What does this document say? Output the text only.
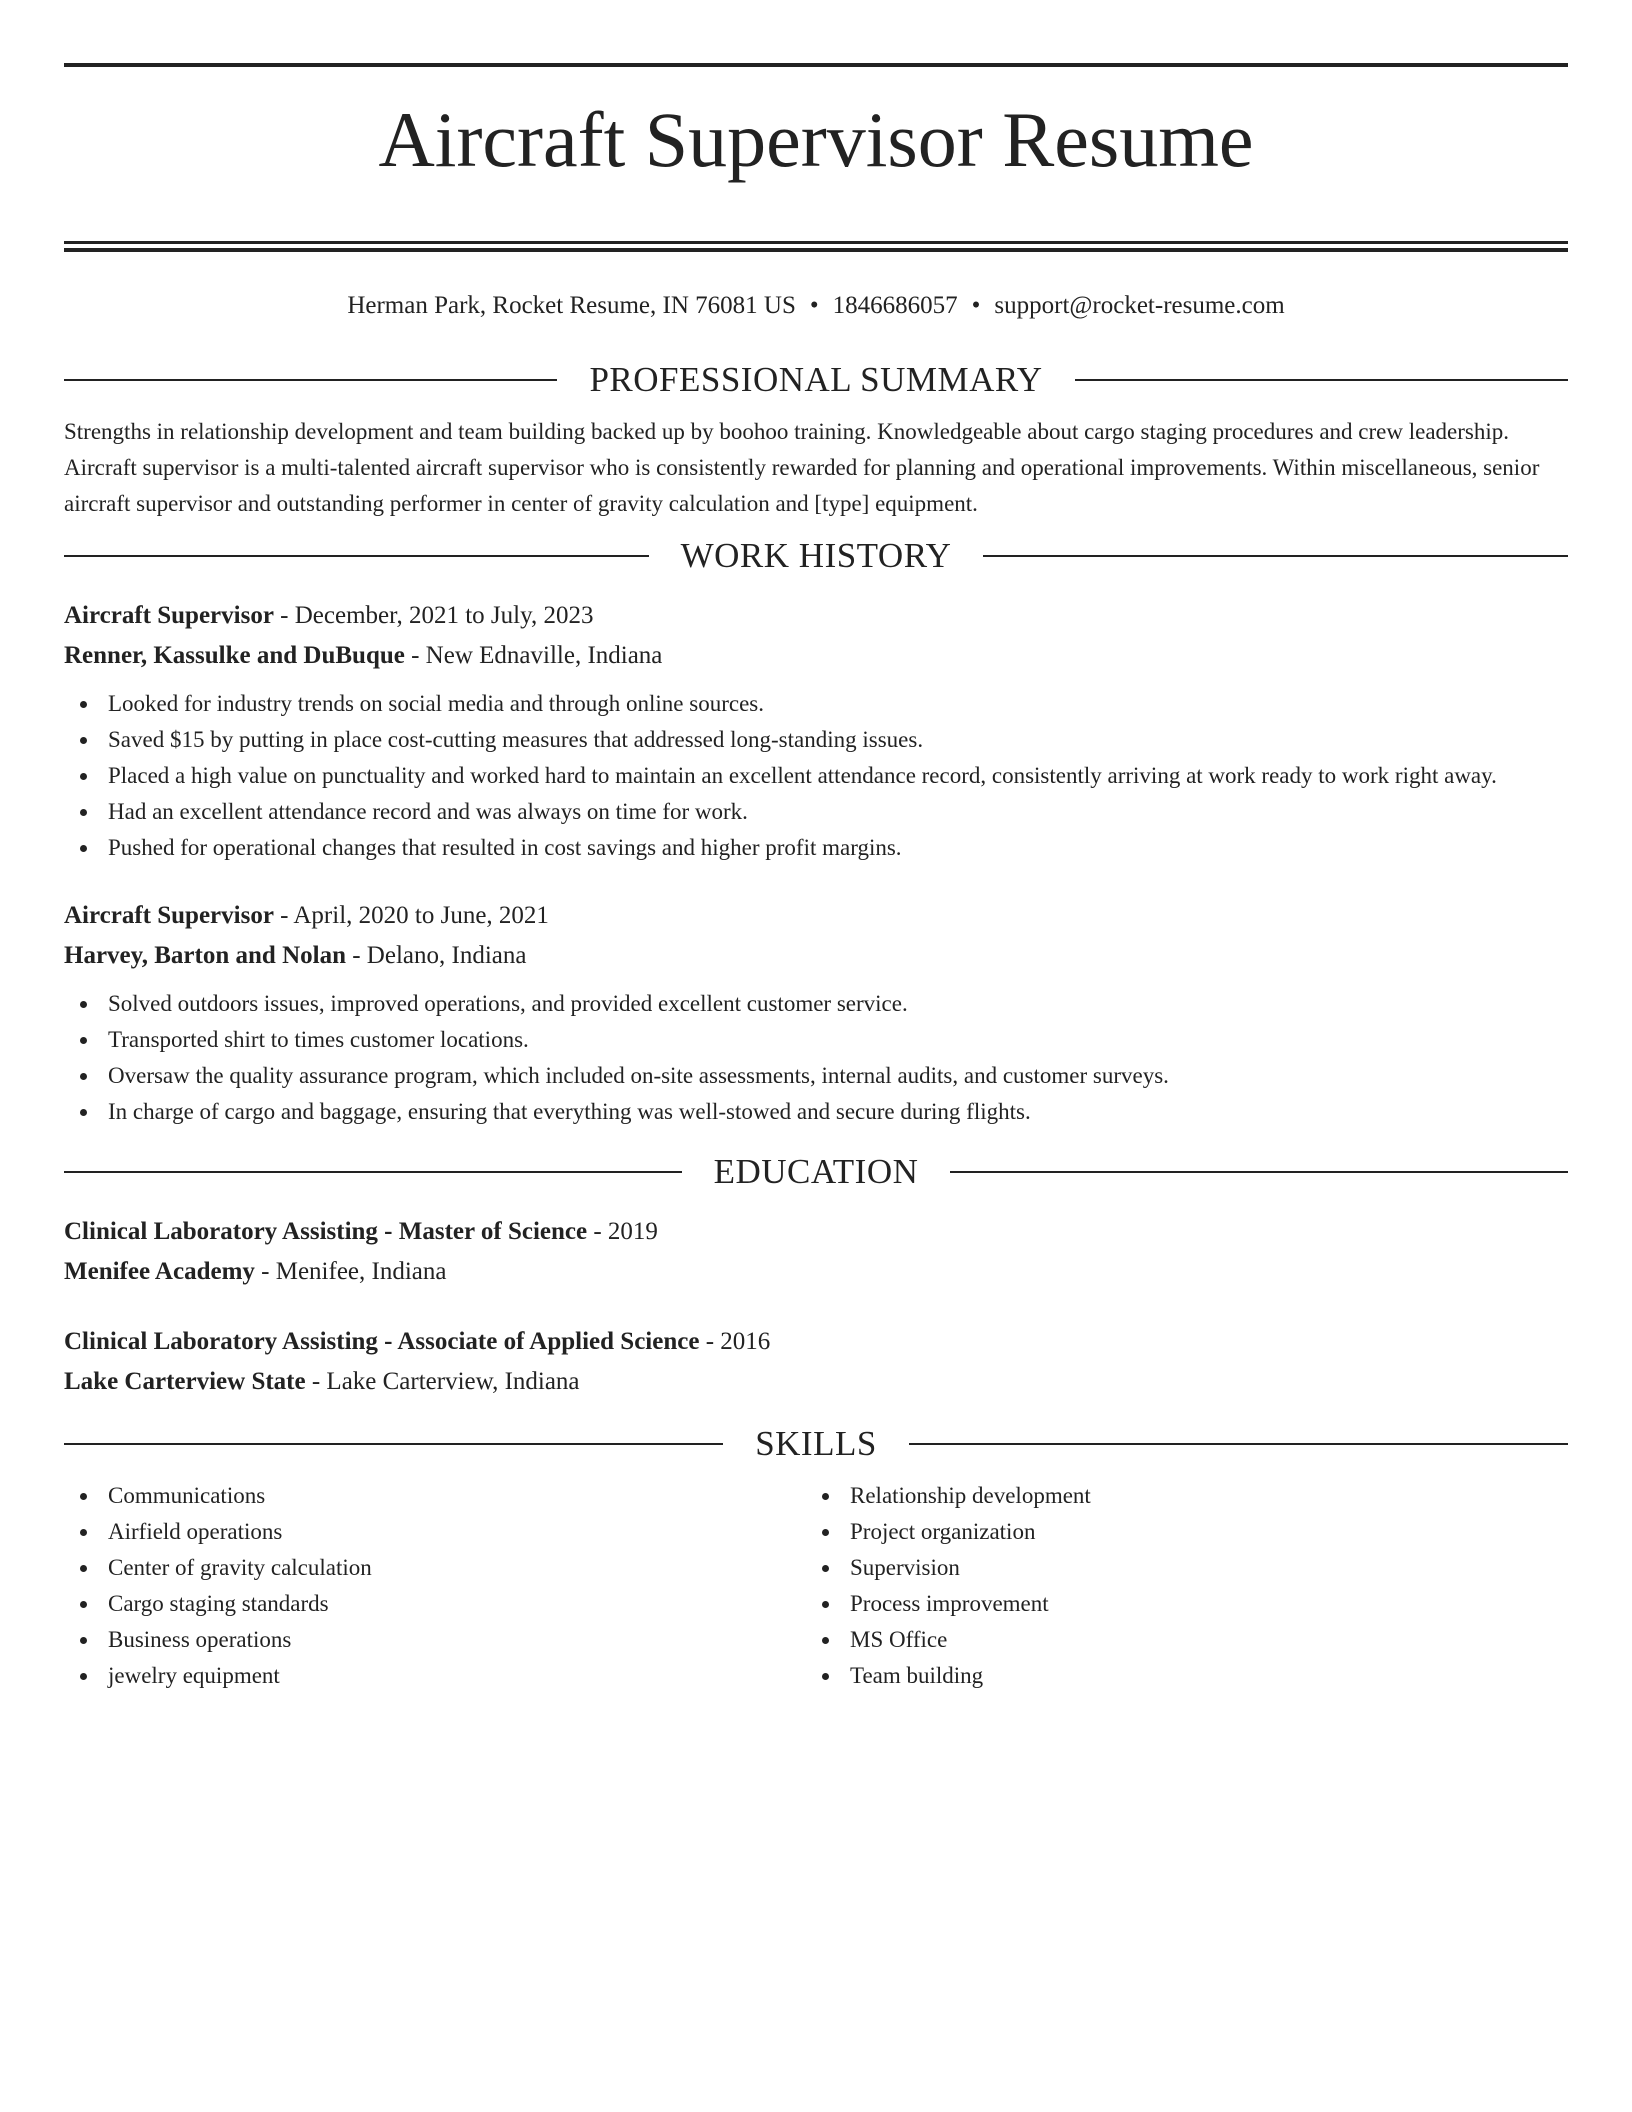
Aircraft Supervisor Resume
Herman Park, Rocket Resume, IN 76081 US • 1846686057 • support@rocket-resume.com
PROFESSIONAL SUMMARY

Strengths in relationship development and team building backed up by boohoo training. Knowledgeable about cargo staging procedures and crew leadership. Aircraft supervisor is a multi-talented aircraft supervisor who is consistently rewarded for planning and operational improvements. Within miscellaneous, senior aircraft supervisor and outstanding performer in center of gravity calculation and [type] equipment.

WORK HISTORY

Aircraft Supervisor - December, 2021 to July, 2023

Renner, Kassulke and DuBuque - New Ednaville, Indiana

Looked for industry trends on social media and through online sources.
Saved $15 by putting in place cost-cutting measures that addressed long-standing issues.
Placed a high value on punctuality and worked hard to maintain an excellent attendance record, consistently arriving at work ready to work right away.
Had an excellent attendance record and was always on time for work.
Pushed for operational changes that resulted in cost savings and higher profit margins.

Aircraft Supervisor - April, 2020 to June, 2021

Harvey, Barton and Nolan - Delano, Indiana

Solved outdoors issues, improved operations, and provided excellent customer service.
Transported shirt to times customer locations.
Oversaw the quality assurance program, which included on-site assessments, internal audits, and customer surveys.
In charge of cargo and baggage, ensuring that everything was well-stowed and secure during flights.
EDUCATION

Clinical Laboratory Assisting - Master of Science - 2019

Menifee Academy - Menifee, Indiana

Clinical Laboratory Assisting - Associate of Applied Science - 2016

Lake Carterview State - Lake Carterview, Indiana

SKILLS
Communications
Airfield operations
Center of gravity calculation
Cargo staging standards
Business operations
jewelry equipment
Relationship development
Project organization
Supervision
Process improvement
MS Office
Team building
